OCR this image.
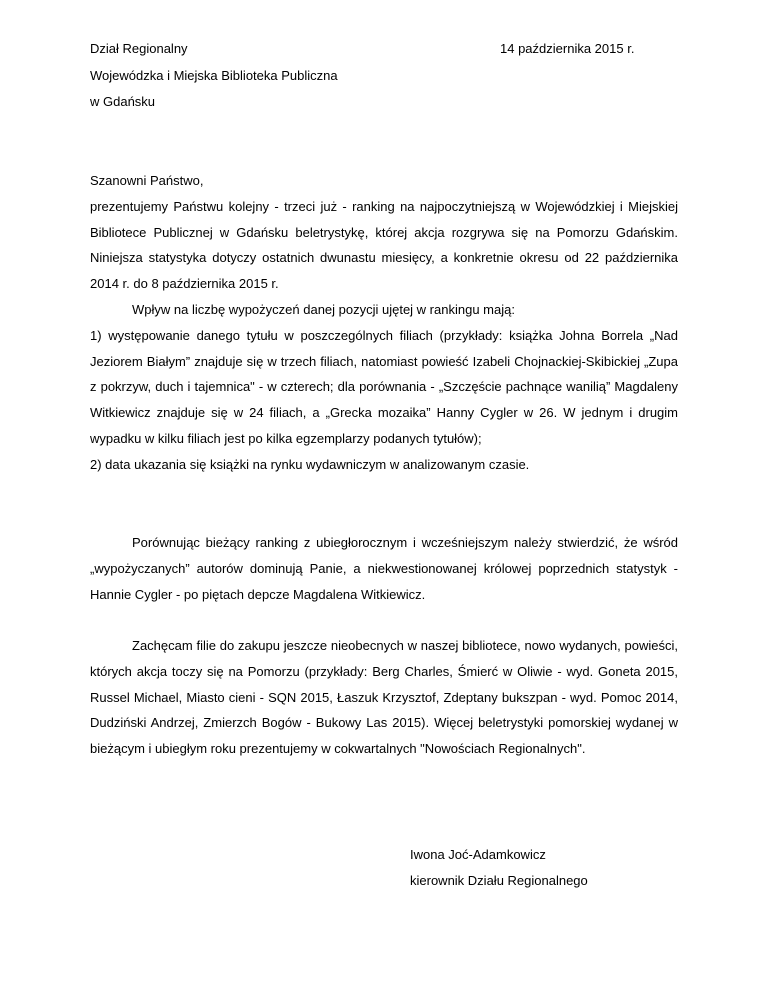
Dział Regionalny	14 października 2015 r.
Wojewódzka i Miejska Biblioteka Publiczna
w Gdańsku

Szanowni Państwo,

prezentujemy Państwu kolejny - trzeci już - ranking na najpoczytniejszą w Wojewódzkiej i Miejskiej Bibliotece Publicznej w Gdańsku beletrystykę, której akcja rozgrywa się na Pomorzu Gdańskim. Niniejsza statystyka dotyczy ostatnich dwunastu miesięcy, a konkretnie okresu od 22 października 2014 r. do 8 października 2015 r.

Wpływ na liczbę wypożyczeń danej pozycji ujętej w rankingu mają:

1) występowanie danego tytułu w poszczególnych filiach (przykłady: książka Johna Borrela „Nad Jeziorem Białym” znajduje się w trzech filiach, natomiast powieść Izabeli Chojnackiej-Skibickiej „Zupa z pokrzyw, duch i tajemnica" - w czterech; dla porównania - „Szczęście pachnące wanilią” Magdaleny Witkiewicz znajduje się w 24 filiach, a „Grecka mozaika” Hanny Cygler w 26. W jednym i drugim wypadku w kilku filiach jest po kilka egzemplarzy podanych tytułów);

2) data ukazania się książki na rynku wydawniczym w analizowanym czasie.

Porównując bieżący ranking z ubiegłorocznym i wcześniejszym należy stwierdzić, że wśród „wypożyczanych” autorów dominują Panie, a niekwestionowanej królowej poprzednich statystyk - Hannie Cygler - po piętach depcze Magdalena Witkiewicz.

Zachęcam filie do zakupu jeszcze nieobecnych w naszej bibliotece, nowo wydanych, powieści, których akcja toczy się na Pomorzu (przykłady: Berg Charles, Śmierć w Oliwie - wyd. Goneta 2015, Russel Michael, Miasto cieni - SQN 2015, Łaszuk Krzysztof, Zdeptany bukszpan - wyd. Pomoc 2014, Dudziński Andrzej, Zmierzch Bogów - Bukowy Las 2015). Więcej beletrystyki pomorskiej wydanej w bieżącym i ubiegłym roku prezentujemy w cokwartalnych "Nowościach Regionalnych".

Iwona Joć-Adamkowicz
kierownik Działu Regionalnego
